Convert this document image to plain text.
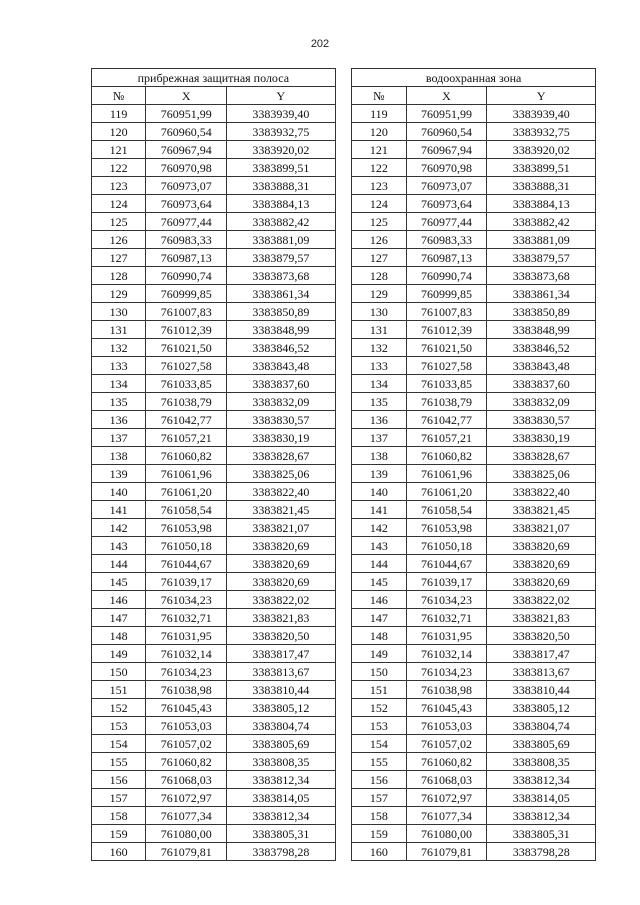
202
прибрежная защитная полоса				водоохранная зона		
№	X	Y		№	X	Y
119	760951,99	3383939,40		119	760951,99	3383939,40
120	760960,54	3383932,75		120	760960,54	3383932,75
121	760967,94	3383920,02		121	760967,94	3383920,02
122	760970,98	3383899,51		122	760970,98	3383899,51
123	760973,07	3383888,31		123	760973,07	3383888,31
124	760973,64	3383884,13		124	760973,64	3383884,13
125	760977,44	3383882,42		125	760977,44	3383882,42
126	760983,33	3383881,09		126	760983,33	3383881,09
127	760987,13	3383879,57		127	760987,13	3383879,57
128	760990,74	3383873,68		128	760990,74	3383873,68
129	760999,85	3383861,34		129	760999,85	3383861,34
130	761007,83	3383850,89		130	761007,83	3383850,89
131	761012,39	3383848,99		131	761012,39	3383848,99
132	761021,50	3383846,52		132	761021,50	3383846,52
133	761027,58	3383843,48		133	761027,58	3383843,48
134	761033,85	3383837,60		134	761033,85	3383837,60
135	761038,79	3383832,09		135	761038,79	3383832,09
136	761042,77	3383830,57		136	761042,77	3383830,57
137	761057,21	3383830,19		137	761057,21	3383830,19
138	761060,82	3383828,67		138	761060,82	3383828,67
139	761061,96	3383825,06		139	761061,96	3383825,06
140	761061,20	3383822,40		140	761061,20	3383822,40
141	761058,54	3383821,45		141	761058,54	3383821,45
142	761053,98	3383821,07		142	761053,98	3383821,07
143	761050,18	3383820,69		143	761050,18	3383820,69
144	761044,67	3383820,69		144	761044,67	3383820,69
145	761039,17	3383820,69		145	761039,17	3383820,69
146	761034,23	3383822,02		146	761034,23	3383822,02
147	761032,71	3383821,83		147	761032,71	3383821,83
148	761031,95	3383820,50		148	761031,95	3383820,50
149	761032,14	3383817,47		149	761032,14	3383817,47
150	761034,23	3383813,67		150	761034,23	3383813,67
151	761038,98	3383810,44		151	761038,98	3383810,44
152	761045,43	3383805,12		152	761045,43	3383805,12
153	761053,03	3383804,74		153	761053,03	3383804,74
154	761057,02	3383805,69		154	761057,02	3383805,69
155	761060,82	3383808,35		155	761060,82	3383808,35
156	761068,03	3383812,34		156	761068,03	3383812,34
157	761072,97	3383814,05		157	761072,97	3383814,05
158	761077,34	3383812,34		158	761077,34	3383812,34
159	761080,00	3383805,31		159	761080,00	3383805,31
160	761079,81	3383798,28		160	761079,81	3383798,28
